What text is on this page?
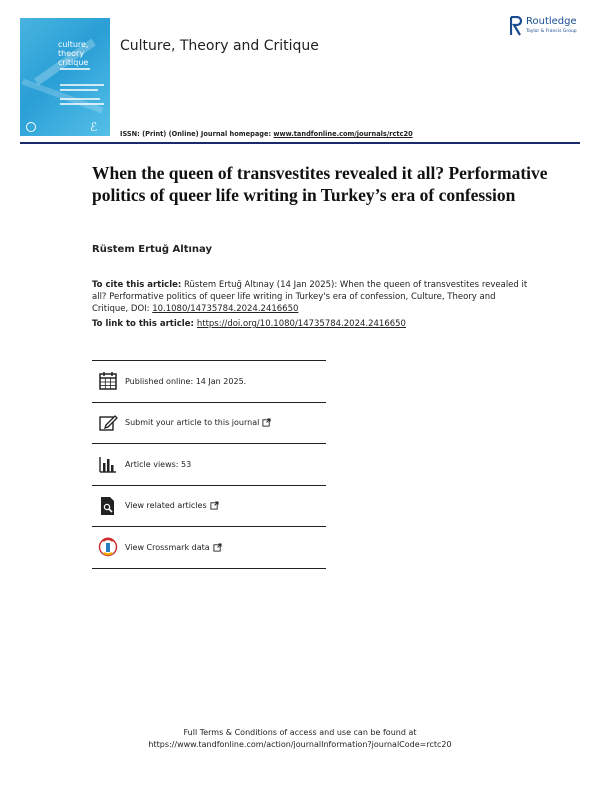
culture, theory
critique
ℰ
Culture, Theory and Critique
Routledge
Taylor & Francis Group
ISSN: (Print) (Online) Journal homepage: www.tandfonline.com/journals/rctc20
When the queen of transvestites revealed it all? Performative politics of queer life writing in Turkey’s era of confession
Rüstem Ertuğ Altınay
To cite this article: Rüstem Ertuğ Altınay (14 Jan 2025): When the queen of transvestites revealed it all? Performative politics of queer life writing in Turkey's era of confession, Culture, Theory and Critique, DOI: 10.1080/14735784.2024.2416650
To link to this article: https://doi.org/10.1080/14735784.2024.2416650
Published online: 14 Jan 2025.
Submit your article to this journal
Article views: 53
View related articles
View Crossmark data
Full Terms & Conditions of access and use can be found at
https://www.tandfonline.com/action/journalInformation?journalCode=rctc20
